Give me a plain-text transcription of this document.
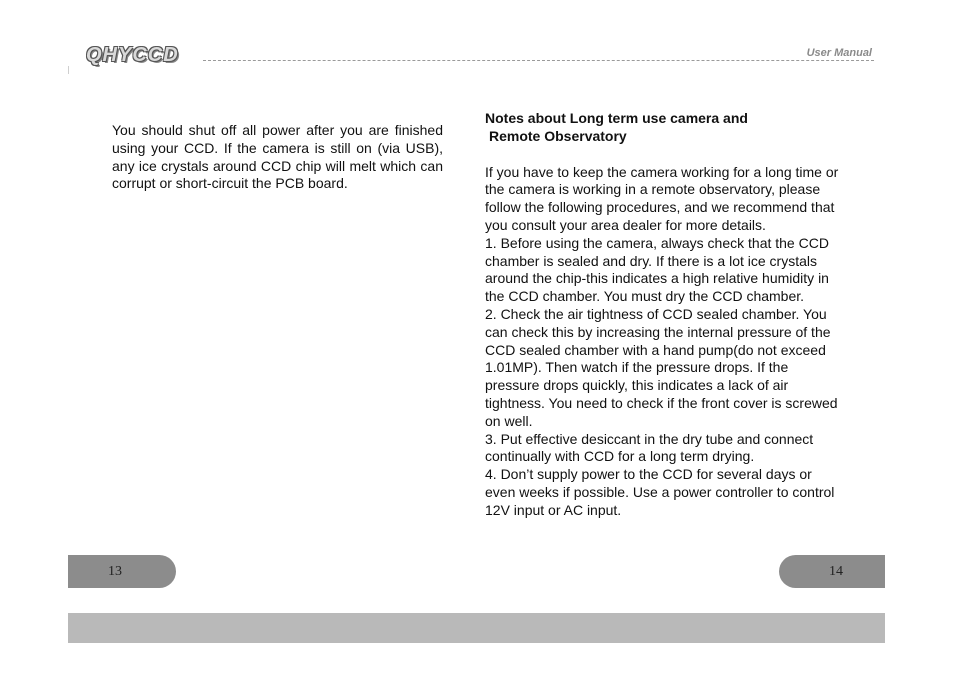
QHYCCD	User Manual
You should shut off all power after you are finished using your CCD. If the camera is still on (via USB), any ice crystals around CCD chip will melt which can corrupt or short-circuit the PCB board.
Notes about Long term use camera and
Remote Observatory

If you have to keep the camera working for a long time or the camera is working in a remote observatory, please follow the following procedures, and we recommend that you consult your area dealer for more details.

1. Before using the camera, always check that the CCD chamber is sealed and dry. If there is a lot ice crystals around the chip-this indicates a high relative humidity in the CCD chamber. You must dry the CCD chamber.

2. Check the air tightness of CCD sealed chamber. You can check this by increasing the internal pressure of the CCD sealed chamber with a hand pump(do not exceed 1.01MP). Then watch if the pressure drops. If the pressure drops quickly, this indicates a lack of air tightness. You need to check if the front cover is screwed on well.

3. Put effective desiccant in the dry tube and connect continually with CCD for a long term drying.

4. Don’t supply power to the CCD for several days or even weeks if possible. Use a power controller to control 12V input or AC input.

13	14
